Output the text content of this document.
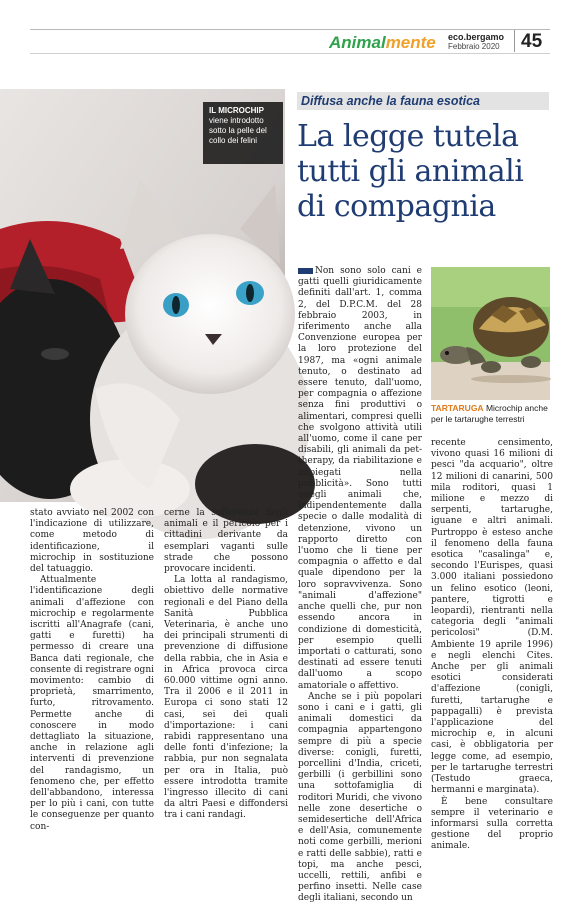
Animalmente eco.bergamo
Febbraio 2020 45
IL MICROCHIP
viene introdotto sotto la pelle del collo dei felini
Diffusa anche la fauna esotica
La legge tutela tutti gli animali di compagnia

Non sono solo cani e gatti quelli giuridicamente definiti dall'art. 1, comma 2, del D.P.C.M. del 28 febbraio 2003, in riferimento anche alla Convenzione europea per la loro protezione del 1987, ma «ogni animale tenuto, o destinato ad essere tenuto, dall'uomo, per compagnia o affezione senza fini produttivi o alimentari, compresi quelli che svolgono attività utili all'uomo, come il cane per disabili, gli animali da pet-therapy, da riabilitazione e impiegati nella pubblicità». Sono tutti quegli animali che, indipendentemente dalla specie o dalle modalità di detenzione, vivono un rapporto diretto con l'uomo che li tiene per compagnia o affetto e dal quale dipendono per la loro sopravvivenza. Sono "animali d'affezione" anche quelli che, pur non essendo ancora in condizione di domesticità, per esempio quelli importati o catturati, sono destinati ad essere tenuti dall'uomo a scopo amatoriale o affettivo.

Anche se i più popolari sono i cani e i gatti, gli animali domestici da compagnia appartengono sempre di più a specie diverse: conigli, furetti, porcellini d'India, criceti, gerbilli (i gerbillini sono una sottofamiglia di roditori Muridi, che vivono nelle zone desertiche o semidesertiche dell'Africa e dell'Asia, comunemente noti come gerbilli, merioni e ratti delle sabbie), ratti e topi, ma anche pesci, uccelli, rettili, anfibi e perfino insetti. Nelle case degli italiani, secondo un

TARTARUGA Microchip anche per le tartarughe terrestri

recente censimento, vivono quasi 16 milioni di pesci "da acquario", oltre 12 milioni di canarini, 500 mila roditori, quasi 1 milione e mezzo di serpenti, tartarughe, iguane e altri animali. Purtroppo è esteso anche il fenomeno della fauna esotica "casalinga" e, secondo l'Eurispes, quasi 3.000 italiani possiedono un felino esotico (leoni, pantere, tigrotti e leopardi), rientranti nella categoria degli "animali pericolosi" (D.M. Ambiente 19 aprile 1996) e negli elenchi Cites. Anche per gli animali esotici considerati d'affezione (conigli, furetti, tartarughe e pappagalli) è prevista l'applicazione del microchip e, in alcuni casi, è obbligatoria per legge come, ad esempio, per le tartarughe terrestri (Testudo graeca, hermanni e marginata).

È bene consultare sempre il veterinario e informarsi sulla corretta gestione del proprio animale.

stato avviato nel 2002 con l'indicazione di utilizzare, come metodo di identificazione, il microchip in sostituzione del tatuaggio.

Attualmente l'identificazione degli animali d'affezione con microchip e regolarmente iscritti all'Anagrafe (cani, gatti e furetti) ha permesso di creare una Banca dati regionale, che consente di registrare ogni movimento: cambio di proprietà, smarrimento, furto, ritrovamento. Permette anche di conoscere in modo dettagliato la situazione, anche in relazione agli interventi di prevenzione del randagismo, un fenomeno che, per effetto dell'abbandono, interessa per lo più i cani, con tutte le conseguenze per quanto con-

cerne la sofferenza degli animali e il pericolo per i cittadini derivante da esemplari vaganti sulle strade che possono provocare incidenti.

La lotta al randagismo, obiettivo delle normative regionali e del Piano della Sanità Pubblica Veterinaria, è anche uno dei principali strumenti di prevenzione di diffusione della rabbia, che in Asia e in Africa provoca circa 60.000 vittime ogni anno. Tra il 2006 e il 2011 in Europa ci sono stati 12 casi, sei dei quali d'importazione: i cani rabidi rappresentano una delle fonti d'infezione; la rabbia, pur non segnalata per ora in Italia, può essere introdotta tramite l'ingresso illecito di cani da altri Paesi e diffondersi tra i cani randagi.
